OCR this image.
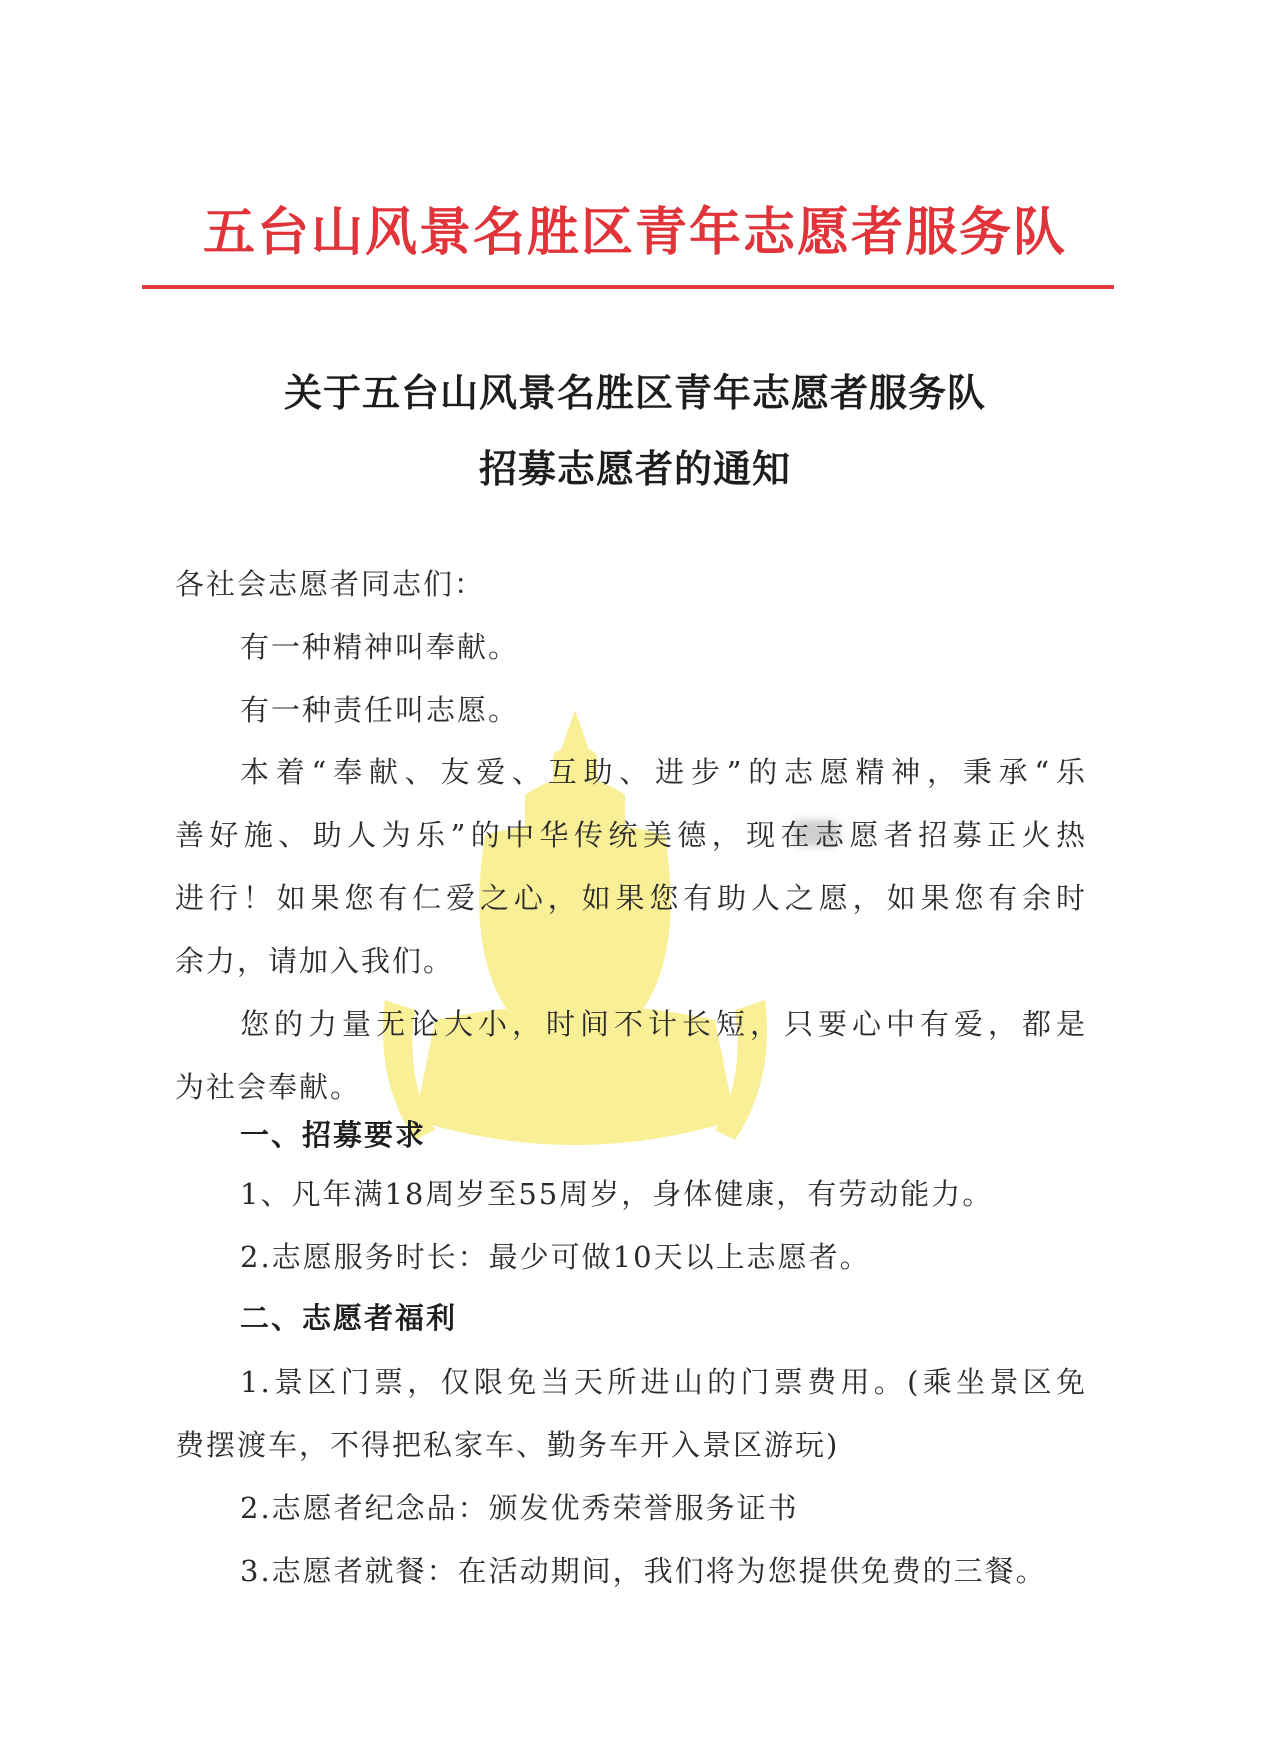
五台山风景名胜区青年志愿者服务队
关于五台山风景名胜区青年志愿者服务队
招募志愿者的通知
各社会志愿者同志们：
有一种精神叫奉献。
有一种责任叫志愿。
本着“奉献、友爱、互助、进步”的志愿精神，秉承“乐
善好施、助人为乐”的中华传统美德，现在志愿者招募正火热
进行！如果您有仁爱之心，如果您有助人之愿，如果您有余时
余力，请加入我们。
您的力量无论大小，时间不计长短，只要心中有爱，都是
为社会奉献。
一、招募要求
1、凡年满18周岁至55周岁，身体健康，有劳动能力。
2.志愿服务时长：最少可做10天以上志愿者。
二、志愿者福利
1.景区门票，仅限免当天所进山的门票费用。(乘坐景区免
费摆渡车，不得把私家车、勤务车开入景区游玩)
2.志愿者纪念品：颁发优秀荣誉服务证书
3.志愿者就餐：在活动期间，我们将为您提供免费的三餐。
